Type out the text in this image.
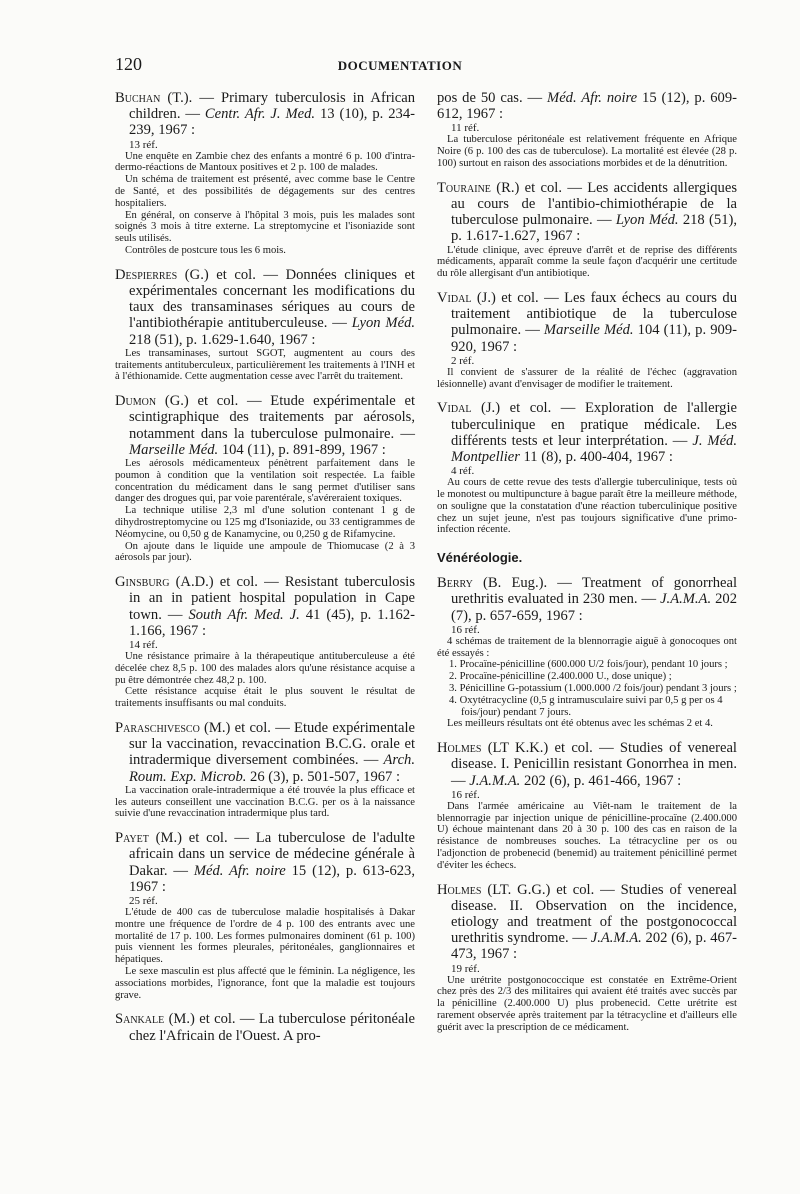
120	DOCUMENTATION
Buchan (T.). — Primary tuberculosis in African children. — Centr. Afr. J. Med. 13 (10), p. 234-239, 1967 :
13 réf.

Une enquête en Zambie chez des enfants a montré 6 p. 100 d'intra-dermo-réactions de Mantoux positives et 2 p. 100 de malades.

Un schéma de traitement est présenté, avec comme base le Centre de Santé, et des possibilités de dégagements sur des centres hospitaliers.

En général, on conserve à l'hôpital 3 mois, puis les malades sont soignés 3 mois à titre externe. La streptomycine et l'isoniazide sont seuls utilisés.

Contrôles de postcure tous les 6 mois.

Despierres (G.) et col. — Données cliniques et expérimentales concernant les modifications du taux des transaminases sériques au cours de l'antibiothérapie antituberculeuse. — Lyon Méd. 218 (51), p. 1.629-1.640, 1967 :

Les transaminases, surtout SGOT, augmentent au cours des traitements antituberculeux, particulièrement les traitements à l'INH et à l'éthionamide. Cette augmentation cesse avec l'arrêt du traitement.

Dumon (G.) et col. — Etude expérimentale et scintigraphique des traitements par aérosols, notamment dans la tuberculose pulmonaire. — Marseille Méd. 104 (11), p. 891-899, 1967 :

Les aérosols médicamenteux pénètrent parfaitement dans le poumon à condition que la ventilation soit respectée. La faible concentration du médicament dans le sang permet d'utiliser sans danger des drogues qui, par voie parentérale, s'avéreraient toxiques.

La technique utilise 2,3 ml d'une solution contenant 1 g de dihydrostreptomycine ou 125 mg d'Isoniazide, ou 33 centigrammes de Néomycine, ou 0,50 g de Kanamycine, ou 0,250 g de Rifamycine.

On ajoute dans le liquide une ampoule de Thiomucase (2 à 3 aérosols par jour).

Ginsburg (A.D.) et col. — Resistant tuberculosis in an in patient hospital population in Cape town. — South Afr. Med. J. 41 (45), p. 1.162-1.166, 1967 :
14 réf.

Une résistance primaire à la thérapeutique antituberculeuse a été décelée chez 8,5 p. 100 des malades alors qu'une résistance acquise a pu être démontrée chez 48,2 p. 100.

Cette résistance acquise était le plus souvent le résultat de traitements insuffisants ou mal conduits.

Paraschivesco (M.) et col. — Etude expérimentale sur la vaccination, revaccination B.C.G. orale et intradermique diversement combinées. — Arch. Roum. Exp. Microb. 26 (3), p. 501-507, 1967 :

La vaccination orale-intradermique a été trouvée la plus efficace et les auteurs conseillent une vaccination B.C.G. per os à la naissance suivie d'une revaccination intradermique plus tard.

Payet (M.) et col. — La tuberculose de l'adulte africain dans un service de médecine générale à Dakar. — Méd. Afr. noire 15 (12), p. 613-623, 1967 :
25 réf.

L'étude de 400 cas de tuberculose maladie hospitalisés à Dakar montre une fréquence de l'ordre de 4 p. 100 des entrants avec une mortalité de 17 p. 100. Les formes pulmonaires dominent (61 p. 100) puis viennent les formes pleurales, péritonéales, ganglionnaires et hépatiques.

Le sexe masculin est plus affecté que le féminin. La négligence, les associations morbides, l'ignorance, font que la maladie est toujours grave.

Sankale (M.) et col. — La tuberculose péritonéale chez l'Africain de l'Ouest. A pro-
pos de 50 cas. — Méd. Afr. noire 15 (12), p. 609-612, 1967 :
11 réf.

La tuberculose péritonéale est relativement fréquente en Afrique Noire (6 p. 100 des cas de tuberculose). La mortalité est élevée (28 p. 100) surtout en raison des associations morbides et de la dénutrition.

Touraine (R.) et col. — Les accidents allergiques au cours de l'antibio-chimiothérapie de la tuberculose pulmonaire. — Lyon Méd. 218 (51), p. 1.617-1.627, 1967 :

L'étude clinique, avec épreuve d'arrêt et de reprise des différents médicaments, apparaît comme la seule façon d'acquérir une certitude du rôle allergisant d'un antibiotique.

Vidal (J.) et col. — Les faux échecs au cours du traitement antibiotique de la tuberculose pulmonaire. — Marseille Méd. 104 (11), p. 909-920, 1967 :
2 réf.

Il convient de s'assurer de la réalité de l'échec (aggravation lésionnelle) avant d'envisager de modifier le traitement.

Vidal (J.) et col. — Exploration de l'allergie tuberculinique en pratique médicale. Les différents tests et leur interprétation. — J. Méd. Montpellier 11 (8), p. 400-404, 1967 :
4 réf.

Au cours de cette revue des tests d'allergie tuberculinique, tests où le monotest ou multipuncture à bague paraît être la meilleure méthode, on souligne que la constatation d'une réaction tuberculinique positive chez un sujet jeune, n'est pas toujours significative d'une primo-infection récente.

Vénéréologie.
Berry (B. Eug.). — Treatment of gonorrheal urethritis evaluated in 230 men. — J.A.M.A. 202 (7), p. 657-659, 1967 :
16 réf.

4 schémas de traitement de la blennorragie aiguë à gonocoques ont été essayés :

1. Procaïne-pénicilline (600.000 U/2 fois/jour), pendant 10 jours ;
2. Procaïne-pénicilline (2.400.000 U., dose unique) ;
3. Pénicilline G-potassium (1.000.000 /2 fois/jour) pendant 3 jours ;
4. Oxytétracycline (0,5 g intramusculaire suivi par 0,5 g per os 4 fois/jour) pendant 7 jours.

Les meilleurs résultats ont été obtenus avec les schémas 2 et 4.

Holmes (LT K.K.) et col. — Studies of venereal disease. I. Penicillin resistant Gonorrhea in men. — J.A.M.A. 202 (6), p. 461-466, 1967 :
16 réf.

Dans l'armée américaine au Viêt-nam le traitement de la blennorragie par injection unique de pénicilline-procaïne (2.400.000 U) échoue maintenant dans 20 à 30 p. 100 des cas en raison de la résistance de nombreuses souches. La tétracycline per os ou l'adjonction de probenecid (benemid) au traitement pénicilliné permet d'éviter les échecs.

Holmes (LT. G.G.) et col. — Studies of venereal disease. II. Observation on the incidence, etiology and treatment of the postgonococcal urethritis syndrome. — J.A.M.A. 202 (6), p. 467-473, 1967 :
19 réf.

Une urétrite postgonococcique est constatée en Extrême-Orient chez près des 2/3 des militaires qui avaient été traités avec succès par la pénicilline (2.400.000 U) plus probenecid. Cette urétrite est rarement observée après traitement par la tétracycline et d'ailleurs elle guérit avec la prescription de ce médicament.
